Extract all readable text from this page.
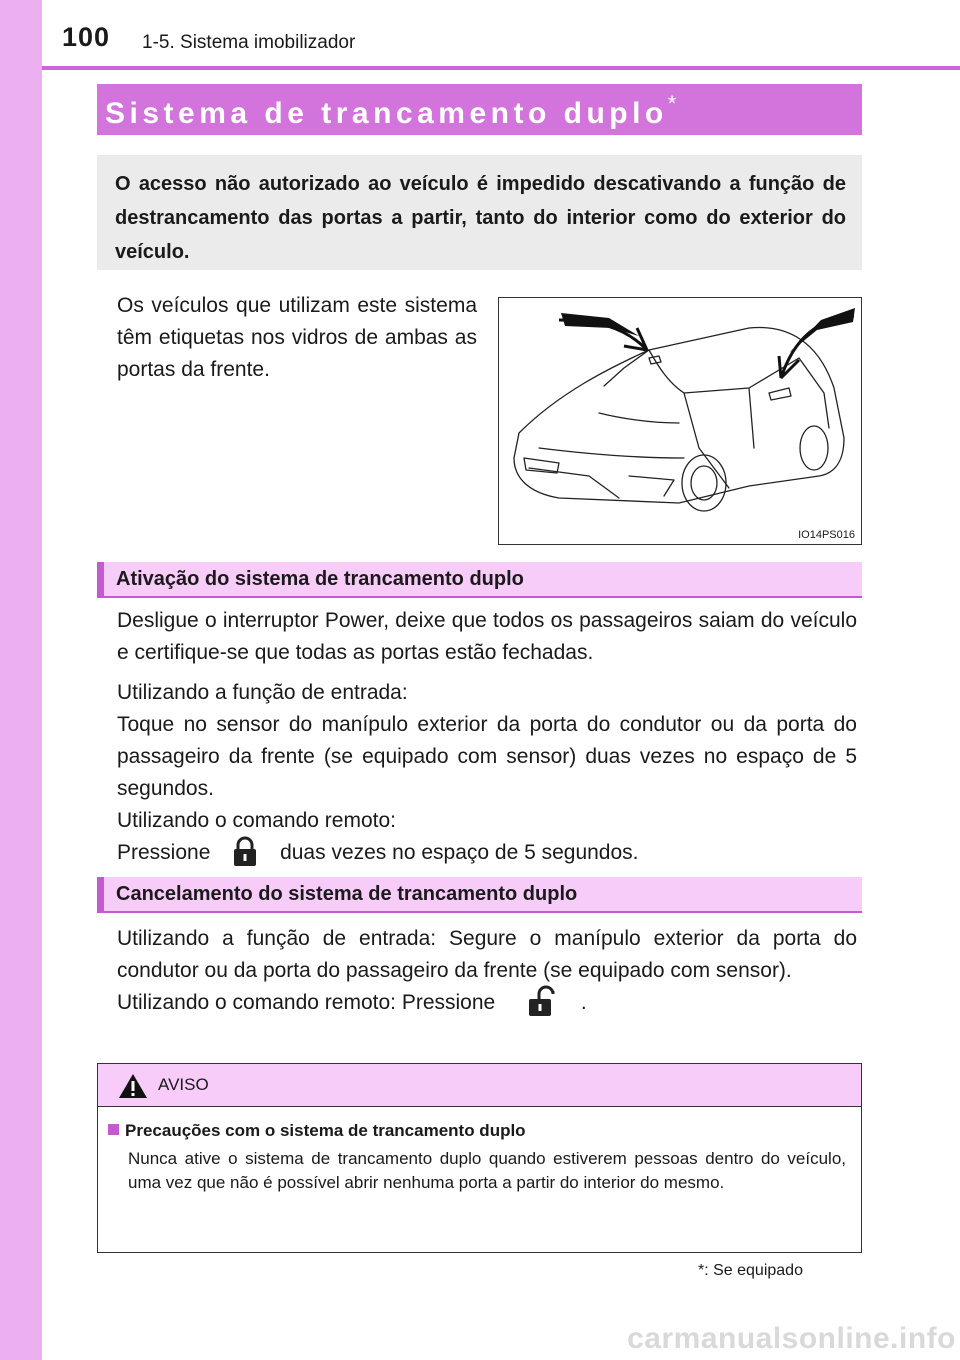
100 1-5. Sistema imobilizador
Sistema de trancamento duplo*
O acesso não autorizado ao veículo é impedido descativando a função de destrancamento das portas a partir, tanto do interior como do exterior do veículo.
Os veículos que utilizam este sistema têm etiquetas nos vidros de ambas as portas da frente.
IO14PS016
Ativação do sistema de trancamento duplo
Desligue o interruptor Power, deixe que todos os passageiros saiam do veículo e certifique-se que todas as portas estão fechadas.
Utilizando a função de entrada:
Toque no sensor do manípulo exterior da porta do condutor ou da porta do passageiro da frente (se equipado com sensor) duas vezes no espaço de 5 segundos.
Utilizando o comando remoto:
Pressione	duas vezes no espaço de 5 segundos.
Cancelamento do sistema de trancamento duplo
Utilizando a função de entrada: Segure o manípulo exterior da porta do condutor ou da porta do passageiro da frente (se equipado com sensor).
Utilizando o comando remoto: Pressione	.
AVISO
Precauções com o sistema de trancamento duplo
Nunca ative o sistema de trancamento duplo quando estiverem pessoas dentro do veículo, uma vez que não é possível abrir nenhuma porta a partir do interior do mesmo.
*: Se equipado
carmanualsonline.info
